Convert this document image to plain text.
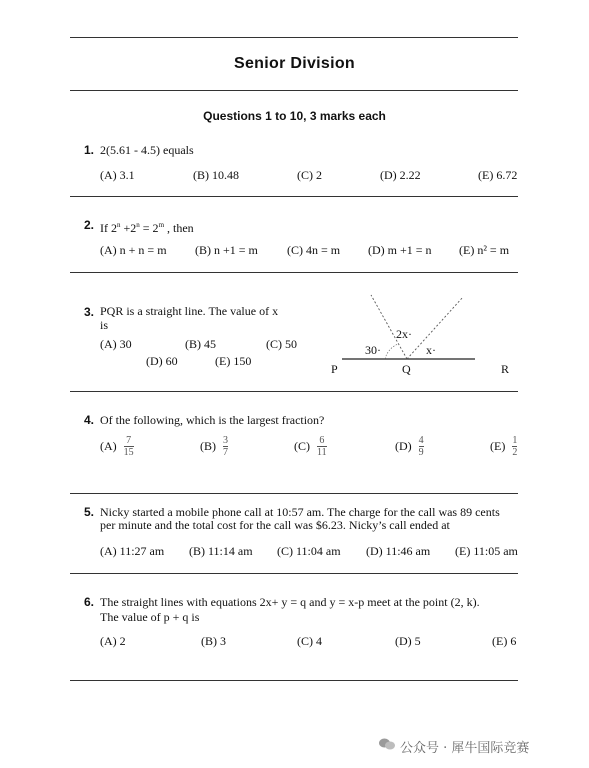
Senior Division
Questions 1 to 10, 3 marks each
1. 2(5.61 - 4.5) equals
(A) 3.1	(B) 10.48	(C) 2	(D) 2.22	(E) 6.72
2. If $2^n +2^n = 2^m$ , then
(A) n + n = m (B) n +1 = m (C) 4n = m (D) m +1 = n (E) n² = m
3. PQR is a straight line. The value of x
is
(A) 30	(B) 45	(C) 50
(D) 60	(E) 150
2x·
30·	x·
P	Q	R
4. Of the following, which is the largest fraction?
$(A) \frac{7}{15}$	$(B) \frac{3}{7}$	$(C) \frac{6}{11}$	$(D) \frac{4}{9}$	$(E) \frac{1}{2}$
5. Nicky started a mobile phone call at 10:57 am. The charge for the call was 89 cents
per minute and the total cost for the call was $6.23. Nicky’s call ended at
(A) 11:27 am (B) 11:14 am (C) 11:04 am (D) 11:46 am (E) 11:05 am
6. The straight lines with equations 2x+ y = q and y = x-p meet at the point (2, k).
The value of p + q is
(A) 2	(B) 3	(C) 4	(D) 5	(E) 6
公众号 · 犀牛国际竞赛
